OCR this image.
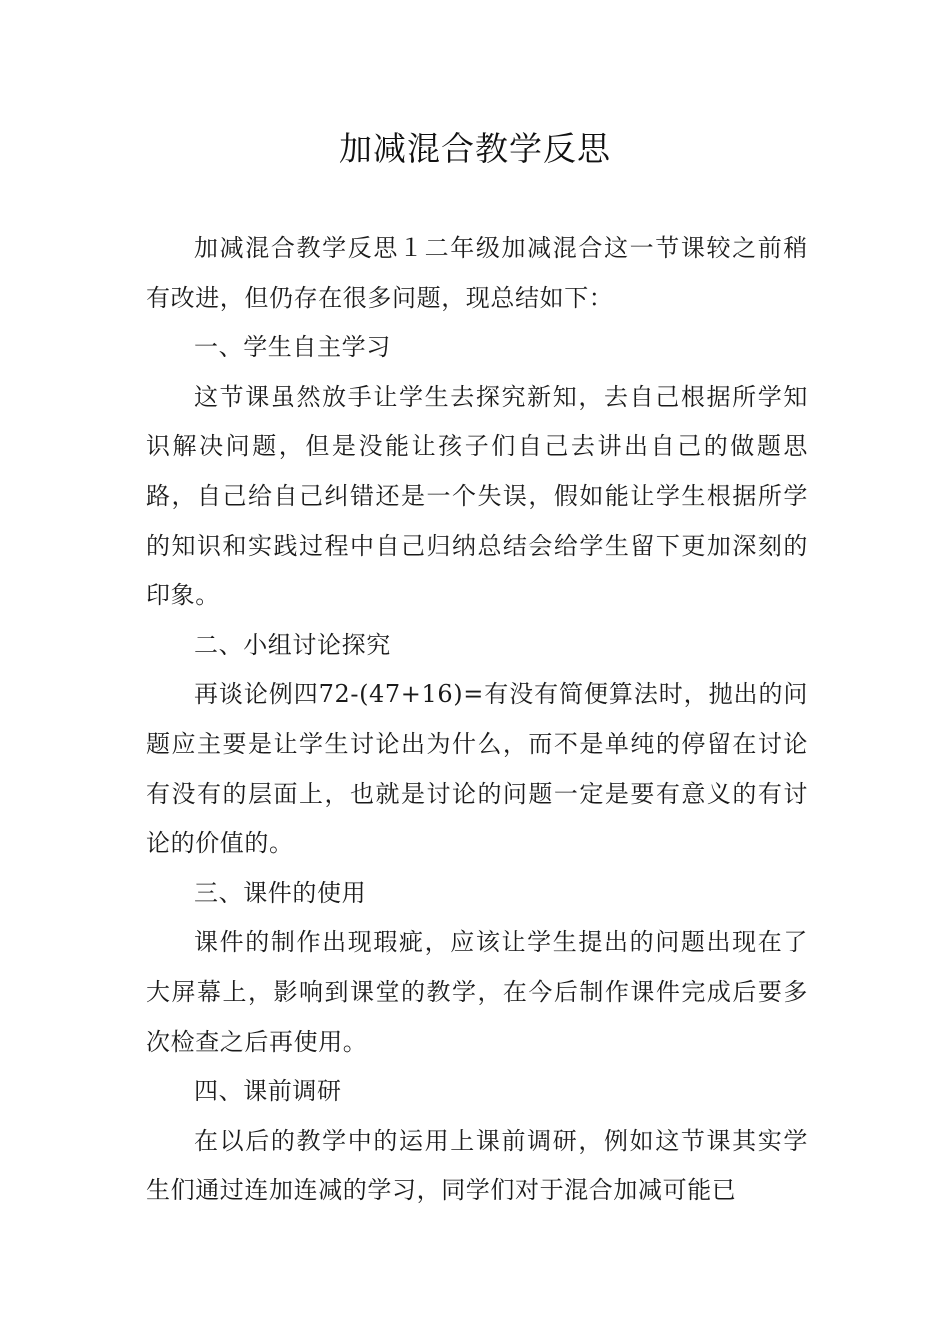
加减混合教学反思

加减混合教学反思１二年级加减混合这一节课较之前稍有改进，但仍存在很多问题，现总结如下：

一、学生自主学习

这节课虽然放手让学生去探究新知，去自己根据所学知识解决问题，但是没能让孩子们自己去讲出自己的做题思路，自己给自己纠错还是一个失误，假如能让学生根据所学的知识和实践过程中自己归纳总结会给学生留下更加深刻的印象。

二、小组讨论探究

再谈论例四72-(47+16)=有没有简便算法时，抛出的问题应主要是让学生讨论出为什么，而不是单纯的停留在讨论有没有的层面上，也就是讨论的问题一定是要有意义的有讨论的价值的。

三、课件的使用

课件的制作出现瑕疵，应该让学生提出的问题出现在了大屏幕上，影响到课堂的教学，在今后制作课件完成后要多次检查之后再使用。

四、课前调研

在以后的教学中的运用上课前调研，例如这节课其实学生们通过连加连减的学习，同学们对于混合加减可能已
